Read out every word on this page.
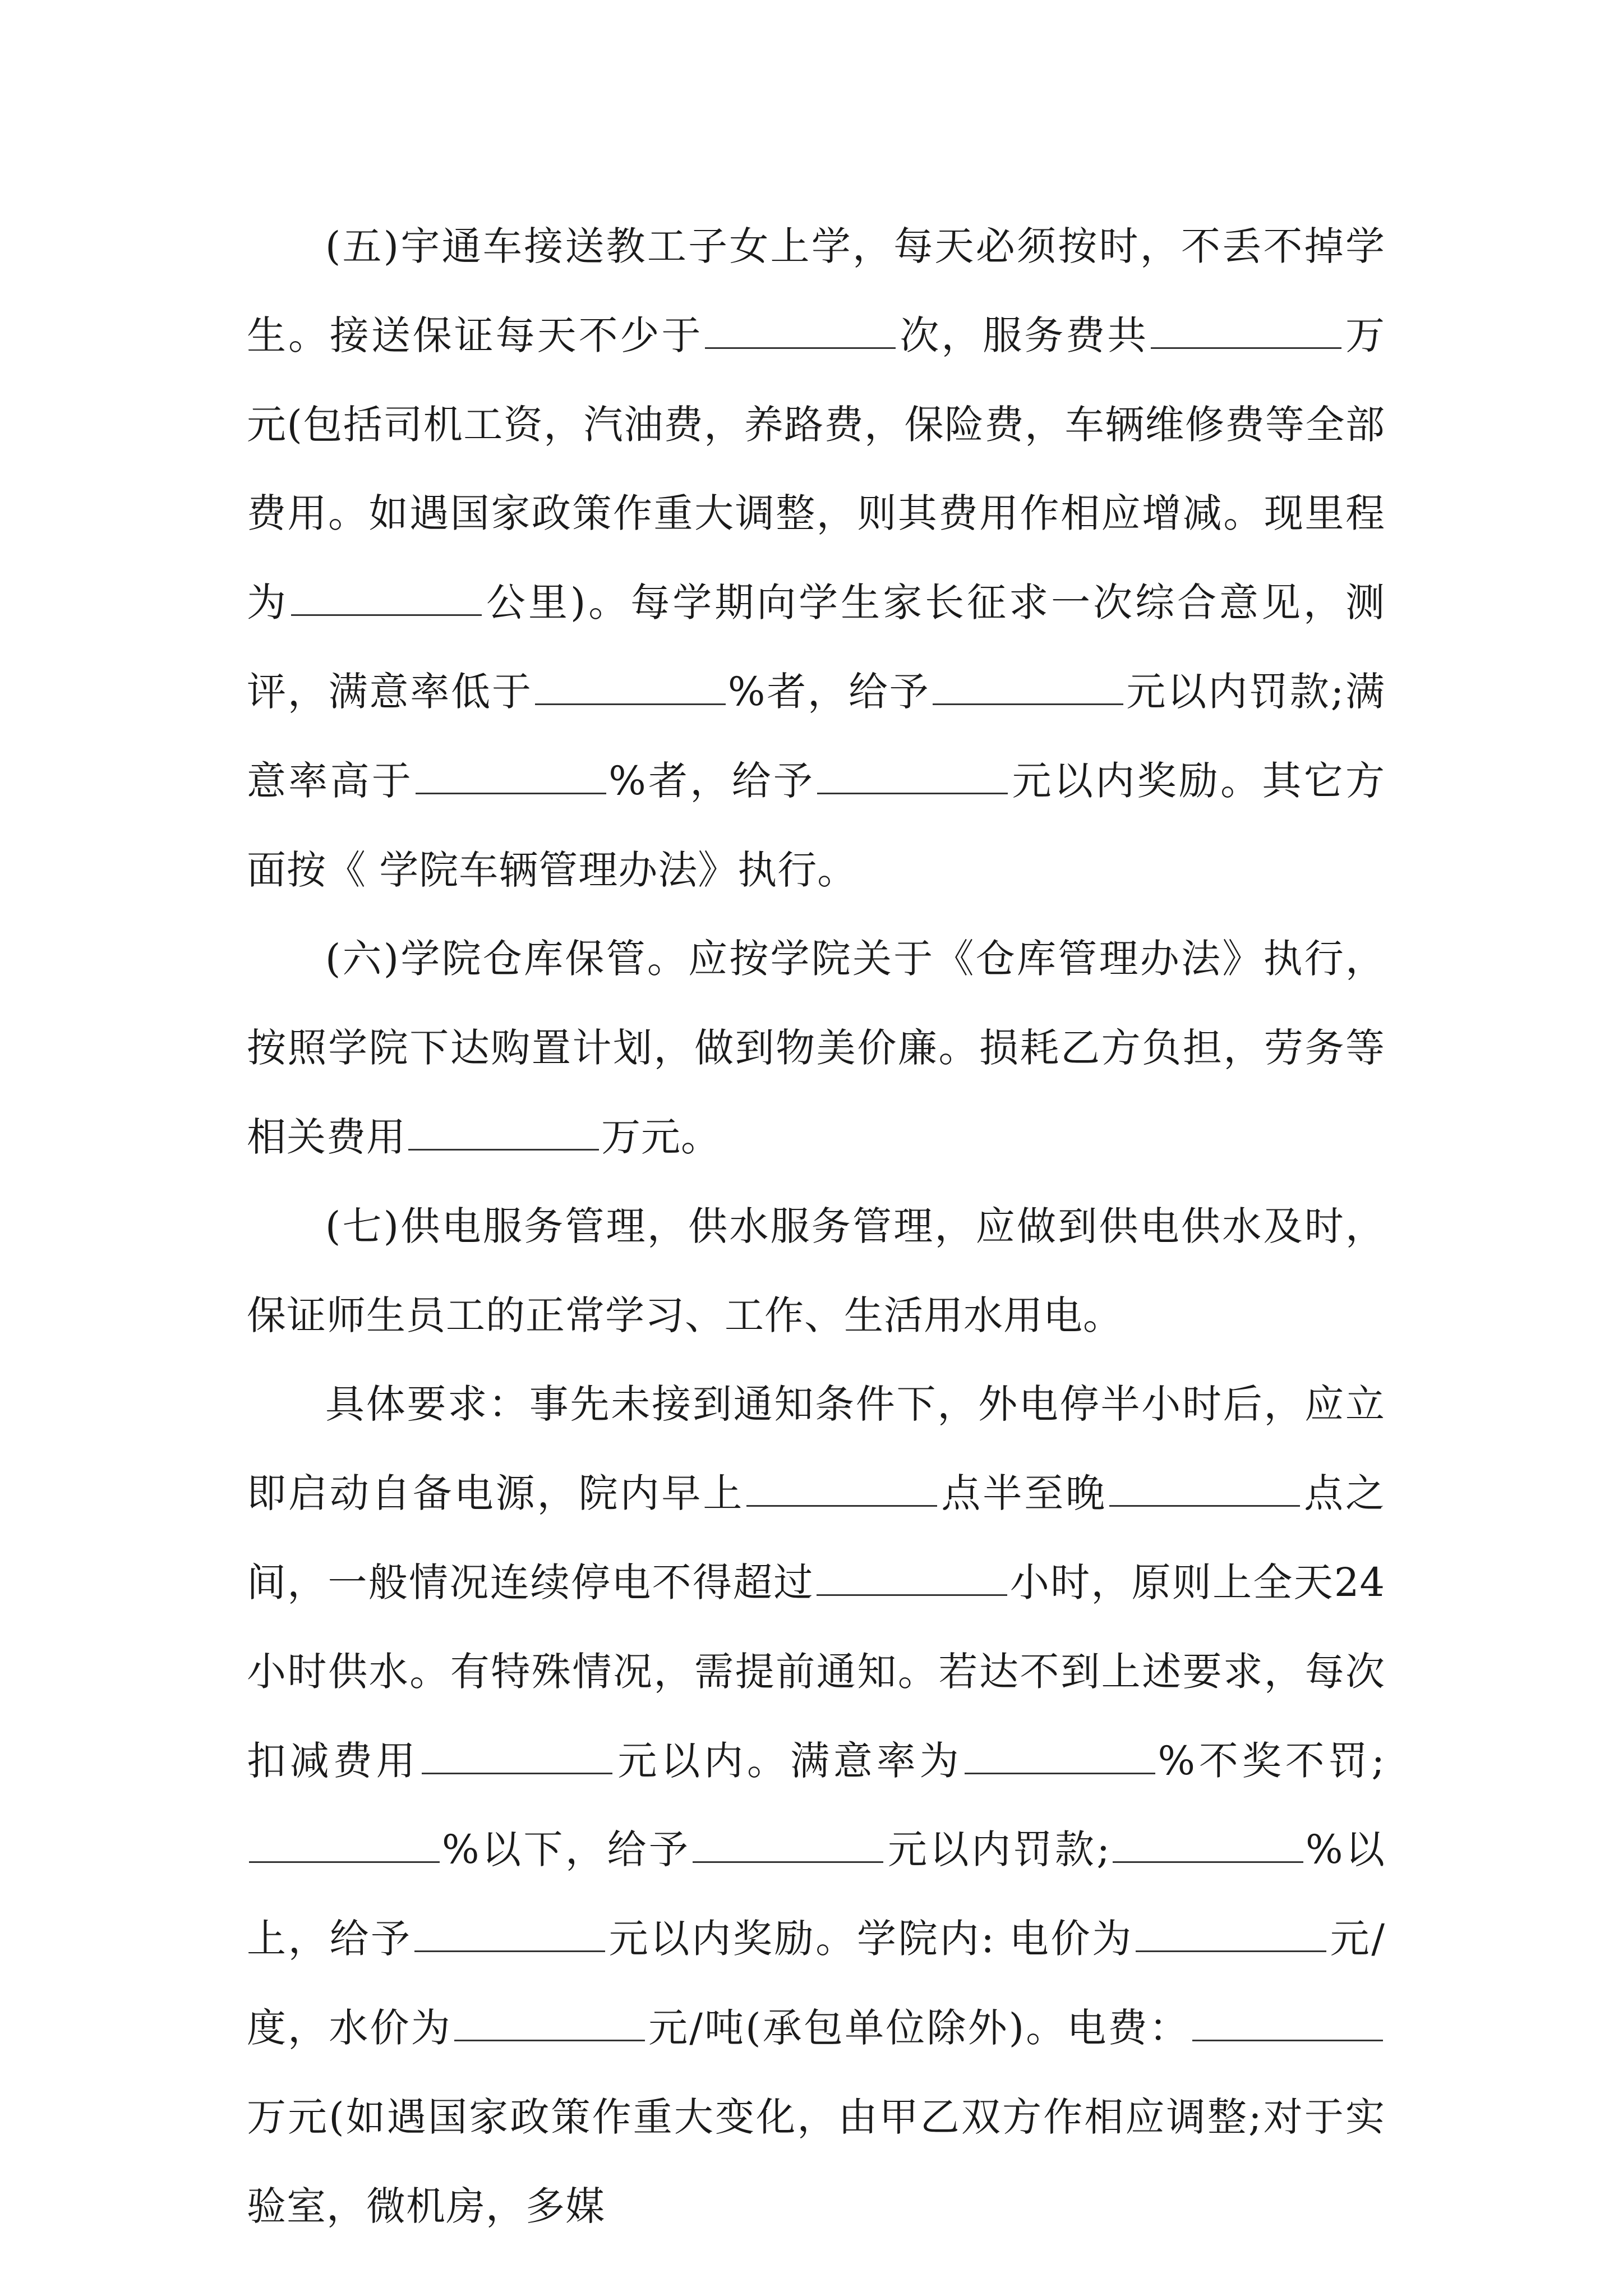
(五)宇通车接送教工子女上学，每天必须按时，不丢不掉学生。接送保证每天不少于	次，服务费共	万元(包括司机工资，汽油费，养路费，保险费，车辆维修费等全部费用。如遇国家政策作重大调整，则其费用作相应增减。现里程为	公里)。每学期向学生家长征求一次综合意见，测评，满意率低于	%者，给予	元以内罚款;满意率高于	%者，给予	元以内奖励。其它方面按《 学院车辆管理办法》执行。

(六)学院仓库保管。应按学院关于《仓库管理办法》执行，按照学院下达购置计划，做到物美价廉。损耗乙方负担，劳务等相关费用	万元。

(七)供电服务管理，供水服务管理，应做到供电供水及时，保证师生员工的正常学习、工作、生活用水用电。

具体要求：事先未接到通知条件下，外电停半小时后，应立即启动自备电源，院内早上	点半至晚	点之间，一般情况连续停电不得超过	小时，原则上全天24小时供水。有特殊情况，需提前通知。若达不到上述要求，每次扣减费用	元以内。满意率为	%不奖不罚;%以下，给予	元以内罚款;	%以上，给予	元以内奖励。学院内: 电价为	元/度，水价为	元/吨(承包单位除外)。电费：万元(如遇国家政策作重大变化，由甲乙双方作相应调整;对于实验室，微机房，多媒
